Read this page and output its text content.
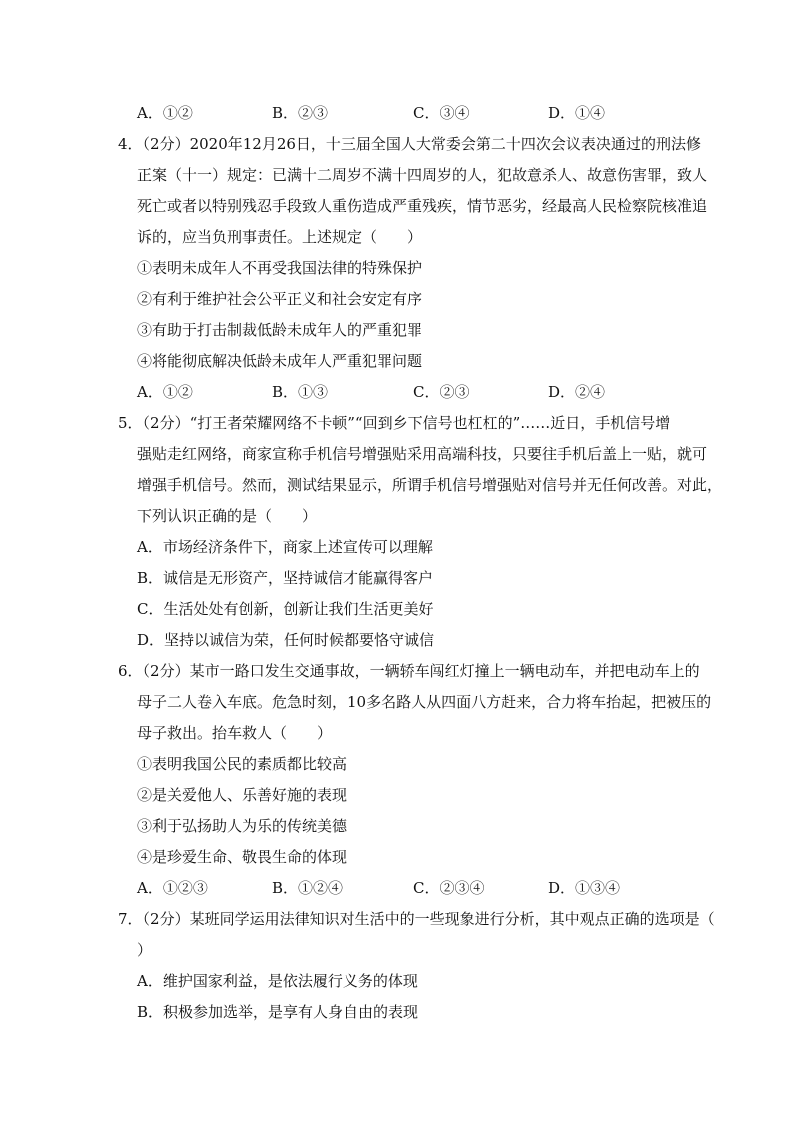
A．①②	B．②③	C．③④	D．①④
4．（2分）2020年12月26日，十三届全国人大常委会第二十四次会议表决通过的刑法修
正案（十一）规定：已满十二周岁不满十四周岁的人，犯故意杀人、故意伤害罪，致人
死亡或者以特别残忍手段致人重伤造成严重残疾，情节恶劣，经最高人民检察院核准追
诉的，应当负刑事责任。上述规定（　　）
①表明未成年人不再受我国法律的特殊保护
②有利于维护社会公平正义和社会安定有序
③有助于打击制裁低龄未成年人的严重犯罪
④将能彻底解决低龄未成年人严重犯罪问题
A．①②	B．①③	C．②③	D．②④
5．（2分）“打王者荣耀网络不卡顿”“回到乡下信号也杠杠的”……近日，手机信号增
强贴走红网络，商家宣称手机信号增强贴采用高端科技，只要往手机后盖上一贴，就可
增强手机信号。然而，测试结果显示，所谓手机信号增强贴对信号并无任何改善。对此，
下列认识正确的是（　　）
A．市场经济条件下，商家上述宣传可以理解
B．诚信是无形资产，坚持诚信才能赢得客户
C．生活处处有创新，创新让我们生活更美好
D．坚持以诚信为荣，任何时候都要恪守诚信
6．（2分）某市一路口发生交通事故，一辆轿车闯红灯撞上一辆电动车，并把电动车上的
母子二人卷入车底。危急时刻，10多名路人从四面八方赶来，合力将车抬起，把被压的
母子救出。抬车救人（　　）
①表明我国公民的素质都比较高
②是关爱他人、乐善好施的表现
③利于弘扬助人为乐的传统美德
④是珍爱生命、敬畏生命的体现
A．①②③	B．①②④	C．②③④	D．①③④
7．（2分）某班同学运用法律知识对生活中的一些现象进行分析，其中观点正确的选项是（
）
A．维护国家利益，是依法履行义务的体现
B．积极参加选举，是享有人身自由的表现
